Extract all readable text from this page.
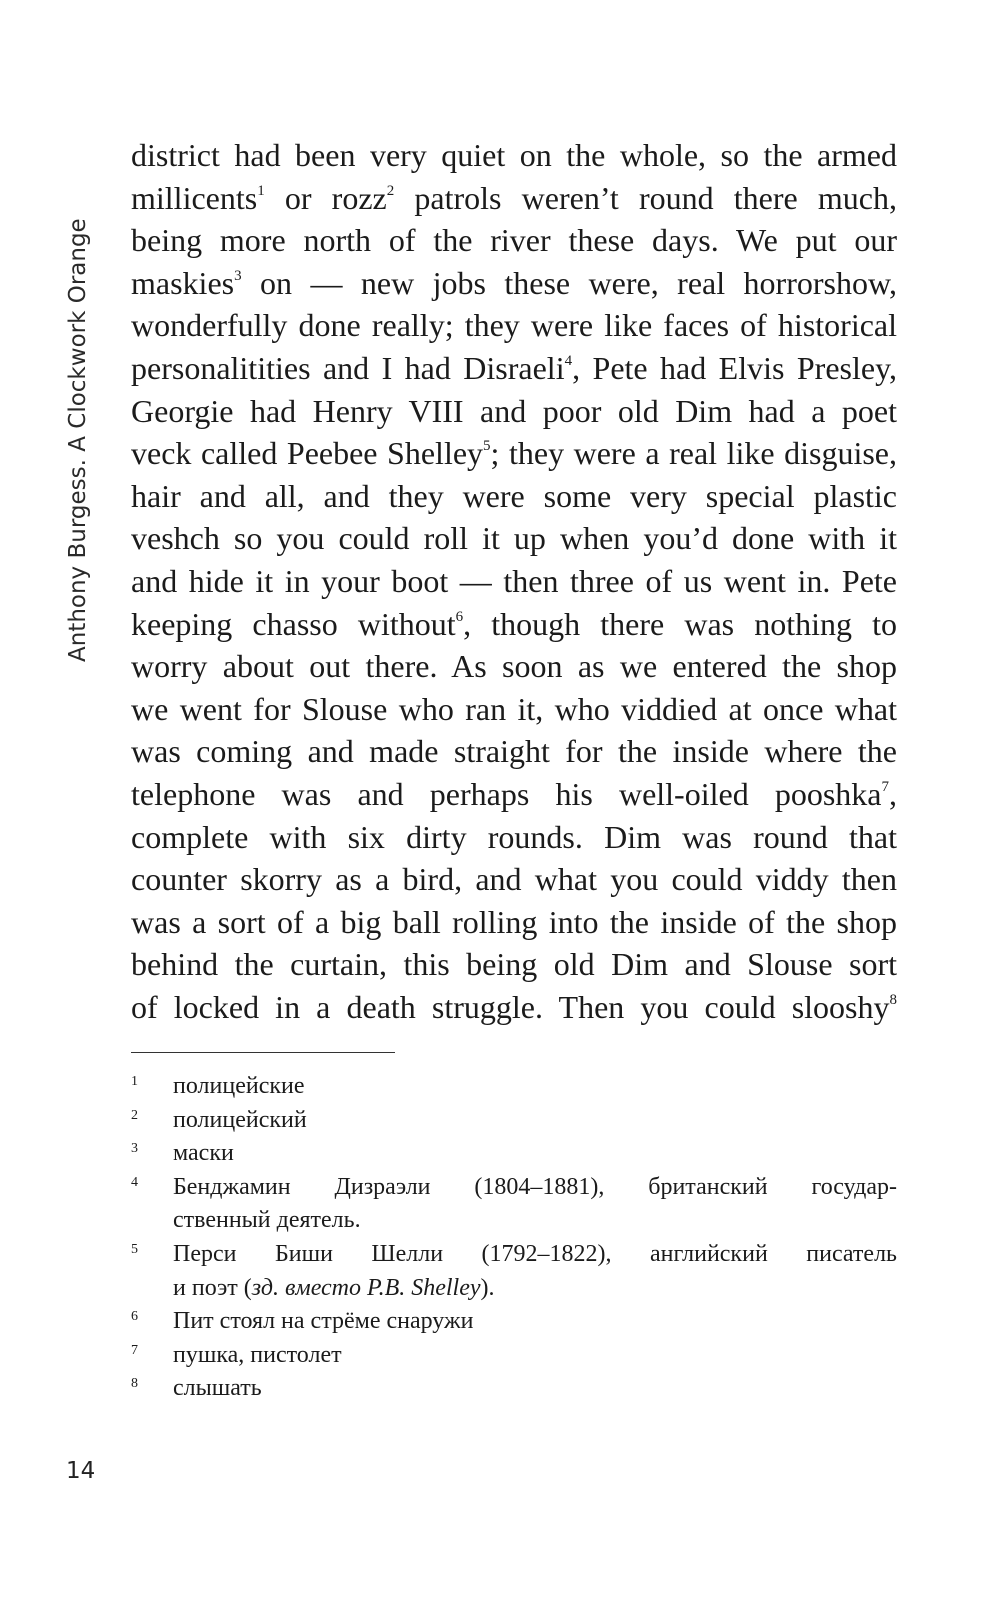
Anthony Burgess. A Clockwork Orange
district had been very quiet on the whole, so the armed
millicents$^1$ or rozz$^2$ patrols weren’t round there much,
being more north of the river these days. We put our
maskies$^3$ on — new jobs these were, real horrorshow,
wonderfully done really; they were like faces of historical
personalitities and I had Disraeli$^4$, Pete had Elvis Presley,
Georgie had Henry VIII and poor old Dim had a poet
veck called Peebee Shelley$^5$; they were a real like disguise,
hair and all, and they were some very special plastic
veshch so you could roll it up when you’d done with it
and hide it in your boot — then three of us went in. Pete
keeping chasso without$^6$, though there was nothing to
worry about out there. As soon as we entered the shop
we went for Slouse who ran it, who viddied at once what
was coming and made straight for the inside where the
telephone was and perhaps his well-oiled pooshka$^7$,
complete with six dirty rounds. Dim was round that
counter skorry as a bird, and what you could viddy then
was a sort of a big ball rolling into the inside of the shop
behind the curtain, this being old Dim and Slouse sort
of locked in a death struggle. Then you could slooshy$^8$
1	полицейские
2	полицейский
3	маски
4	Бенджамин Дизраэли (1804–1881), британский государ-
ственный деятель.
5	Перси Биши Шелли (1792–1822), английский писатель
и поэт (зд. вместо P.B. Shelley).
6	Пит стоял на стрёме снаружи
7	пушка, пистолет
8	слышать
14
